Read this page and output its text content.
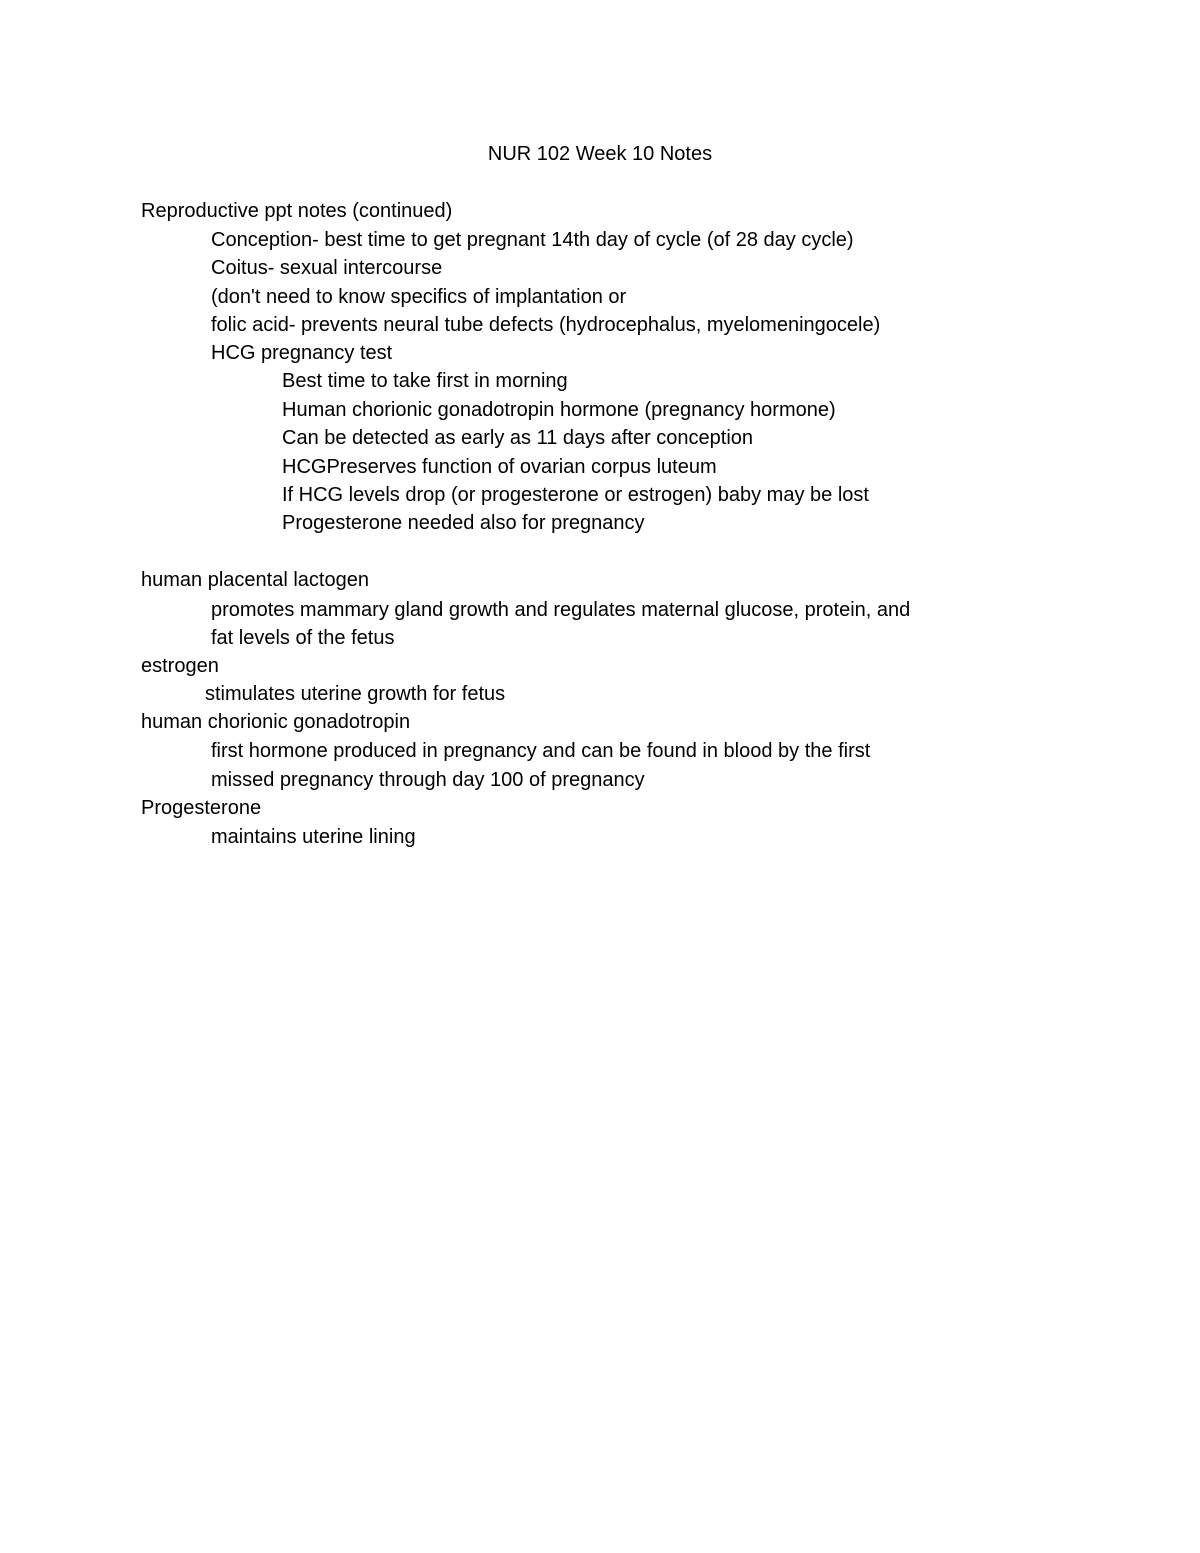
NUR 102 Week 10 Notes
Reproductive ppt notes (continued)
Conception- best time to get pregnant 14th day of cycle (of 28 day cycle)
Coitus- sexual intercourse
(don't need to know specifics of implantation or
folic acid- prevents neural tube defects (hydrocephalus, myelomeningocele)
HCG pregnancy test
Best time to take first in morning
Human chorionic gonadotropin hormone (pregnancy hormone)
Can be detected as early as 11 days after conception
HCGPreserves function of ovarian corpus luteum
If HCG levels drop (or progesterone or estrogen) baby may be lost
Progesterone needed also for pregnancy
human placental lactogen
promotes mammary gland growth and regulates maternal glucose, protein, and
fat levels of the fetus
estrogen
stimulates uterine growth for fetus
human chorionic gonadotropin
first hormone produced in pregnancy and can be found in blood by the first
missed pregnancy through day 100 of pregnancy
Progesterone
maintains uterine lining
